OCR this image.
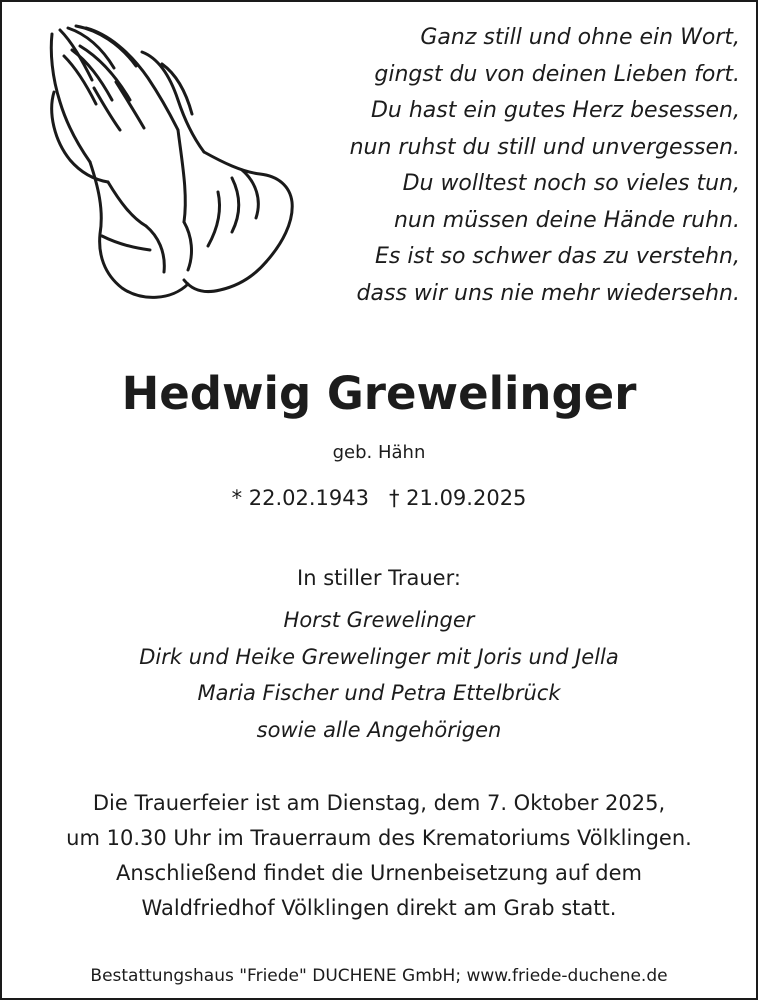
Ganz still und ohne ein Wort,
gingst du von deinen Lieben fort.
Du hast ein gutes Herz besessen,
nun ruhst du still und unvergessen.
Du wolltest noch so vieles tun,
nun müssen deine Hände ruhn.
Es ist so schwer das zu verstehn,
dass wir uns nie mehr wiedersehn.
Hedwig Grewelinger
geb. Hähn
* 22.02.1943 † 21.09.2025
In stiller Trauer:
Horst Grewelinger
Dirk und Heike Grewelinger mit Joris und Jella
Maria Fischer und Petra Ettelbrück
sowie alle Angehörigen
Die Trauerfeier ist am Dienstag, dem 7. Oktober 2025,
um 10.30 Uhr im Trauerraum des Krematoriums Völklingen.
Anschließend findet die Urnenbeisetzung auf dem
Waldfriedhof Völklingen direkt am Grab statt.
Bestattungshaus "Friede" DUCHENE GmbH; www.friede-duchene.de
